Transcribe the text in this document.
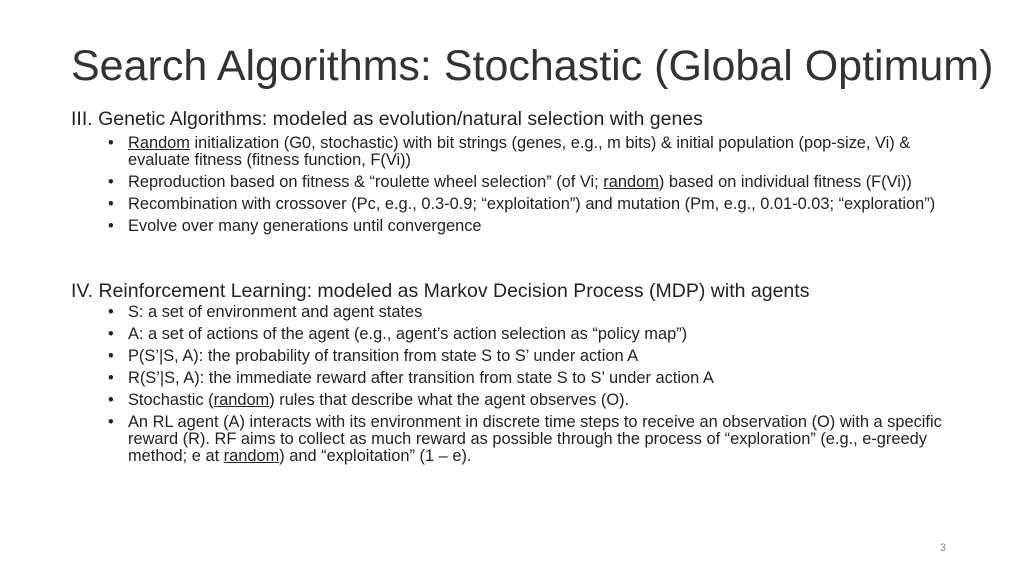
Search Algorithms: Stochastic (Global Optimum)

III. Genetic Algorithms: modeled as evolution/natural selection with genes

• Random initialization (G0, stochastic) with bit strings (genes, e.g., m bits) & initial population (pop-size, Vi) & evaluate fitness (fitness function, F(Vi))
• Reproduction based on fitness & “roulette wheel selection” (of Vi; random) based on individual fitness (F(Vi))
• Recombination with crossover (Pc, e.g., 0.3-0.9; “exploitation”) and mutation (Pm, e.g., 0.01-0.03; “exploration”)
• Evolve over many generations until convergence

IV. Reinforcement Learning: modeled as Markov Decision Process (MDP) with agents

• S: a set of environment and agent states
• A: a set of actions of the agent (e.g., agent’s action selection as “policy map”)
• P(S’|S, A): the probability of transition from state S to S’ under action A
• R(S’|S, A): the immediate reward after transition from state S to S’ under action A
• Stochastic (random) rules that describe what the agent observes (O).
• An RL agent (A) interacts with its environment in discrete time steps to receive an observation (O) with a specific reward (R). RF aims to collect as much reward as possible through the process of “exploration” (e.g., e-greedy method; e at random) and “exploitation” (1 – e).
3
